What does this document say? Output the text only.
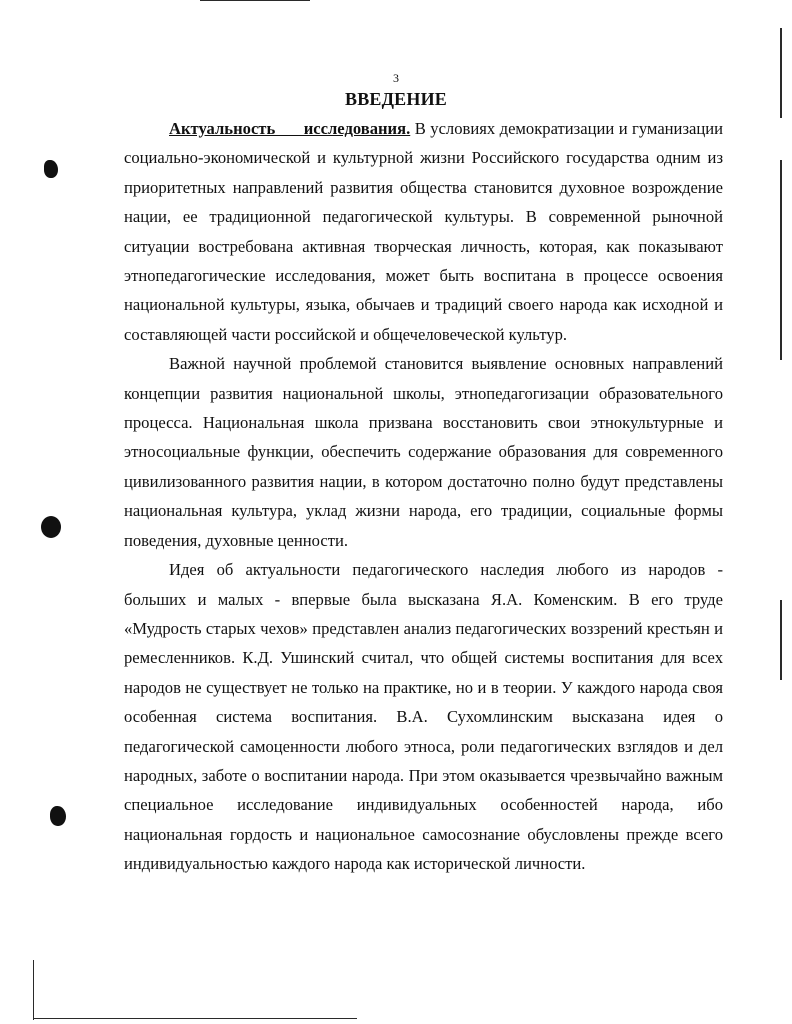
3
ВВЕДЕНИЕ

Актуальность исследования. В условиях демократизации и гуманизации социально-экономической и культурной жизни Российского государства одним из приоритетных направлений развития общества становится духовное возрождение нации, ее традиционной педагогической культуры. В современной рыночной ситуации востребована активная творческая личность, которая, как показывают этнопедагогические исследования, может быть воспитана в процессе освоения национальной культуры, языка, обычаев и традиций своего народа как исходной и составляющей части российской и общечеловеческой культур.

Важной научной проблемой становится выявление основных направлений концепции развития национальной школы, этнопедагогизации образовательного процесса. Национальная школа призвана восстановить свои этнокультурные и этносоциальные функции, обеспечить содержание образования для современного цивилизованного развития нации, в котором достаточно полно будут представлены национальная культура, уклад жизни народа, его традиции, социальные формы поведения, духовные ценности.

Идея об актуальности педагогического наследия любого из народов - больших и малых - впервые была высказана Я.А. Коменским. В его труде «Мудрость старых чехов» представлен анализ педагогических воззрений крестьян и ремесленников. К.Д. Ушинский считал, что общей системы воспитания для всех народов не существует не только на практике, но и в теории. У каждого народа своя особенная система воспитания. В.А. Сухомлинским высказана идея о педагогической самоценности любого этноса, роли педагогических взглядов и дел народных, заботе о воспитании народа. При этом оказывается чрезвычайно важным специальное исследование индивидуальных особенностей народа, ибо национальная гордость и национальное самосознание обусловлены прежде всего индивидуальностью каждого народа как исторической личности.
